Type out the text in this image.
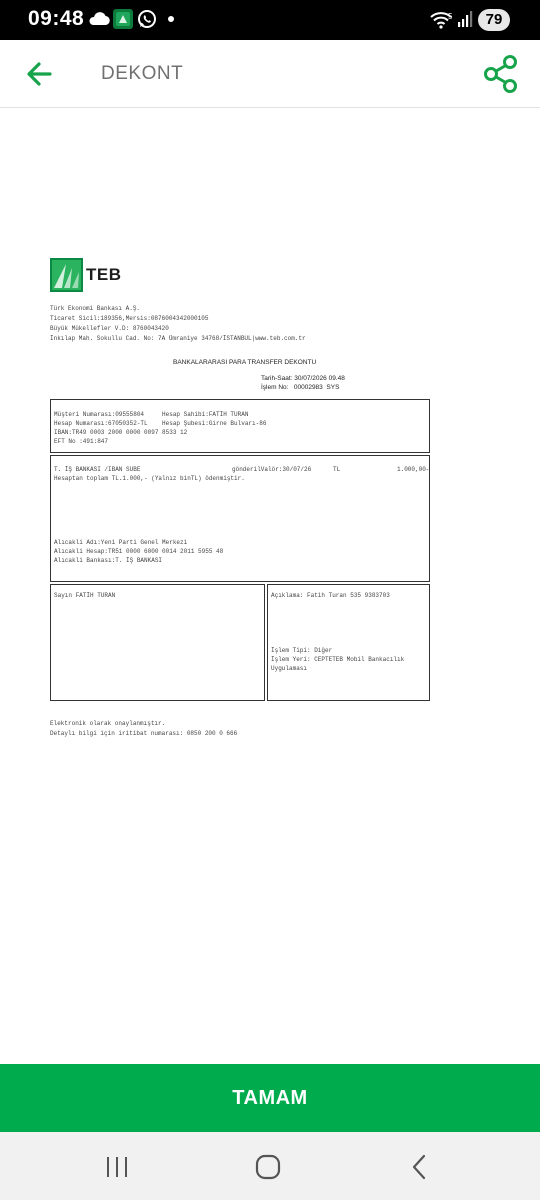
09:48	5	79
DEKONT
TEB
Türk Ekonomi Bankası A.Ş.
Ticaret Sicil:189356,Mersis:0876004342000105
Büyük Mükellefler V.D: 8760043420
İnkılap Mah. Sokullu Cad. No: 7A Ümraniye 34768/İSTANBUL|www.teb.com.tr
BANKALARARASI PARA TRANSFER DEKONTU
Tarih-Saat: 30/07/2026 09.48
İşlem No:   00002983  SYS
Müşteri Numarası:09555804     Hesap Sahibi:FATİH TURAN
Hesap Numarası:67050352-TL    Hesap Şubesi:Girne Bulvarı-86
IBAN:TR49 0003 2000 0000 0097 8533 12
EFT No :491:847
T. İŞ BANKASI /IBAN SUBE	gönderilValör:30/07/26	TL	1.000,00-
Hesaptan toplam TL.1.000,- (Yalnız binTL) ödenmiştir.
Alıcakli Adı:Yeni Parti Genel Merkezi
Alıcakli Hesap:TR51 0000 6000 0014 2011 5955 48
Alıcakli Bankası:T. İŞ BANKASI
Sayın FATİH TURAN	Açıklama: Fatih Turan 535 9383703
İşlem Tipi: Diğer
İşlem Yeri: CEPTETEB Mobil Bankacılık
Uygulaması
Elektronik olarak onaylanmıştır.
Detaylı bilgi için iritibat numarası: 0850 200 0 666
TAMAM
